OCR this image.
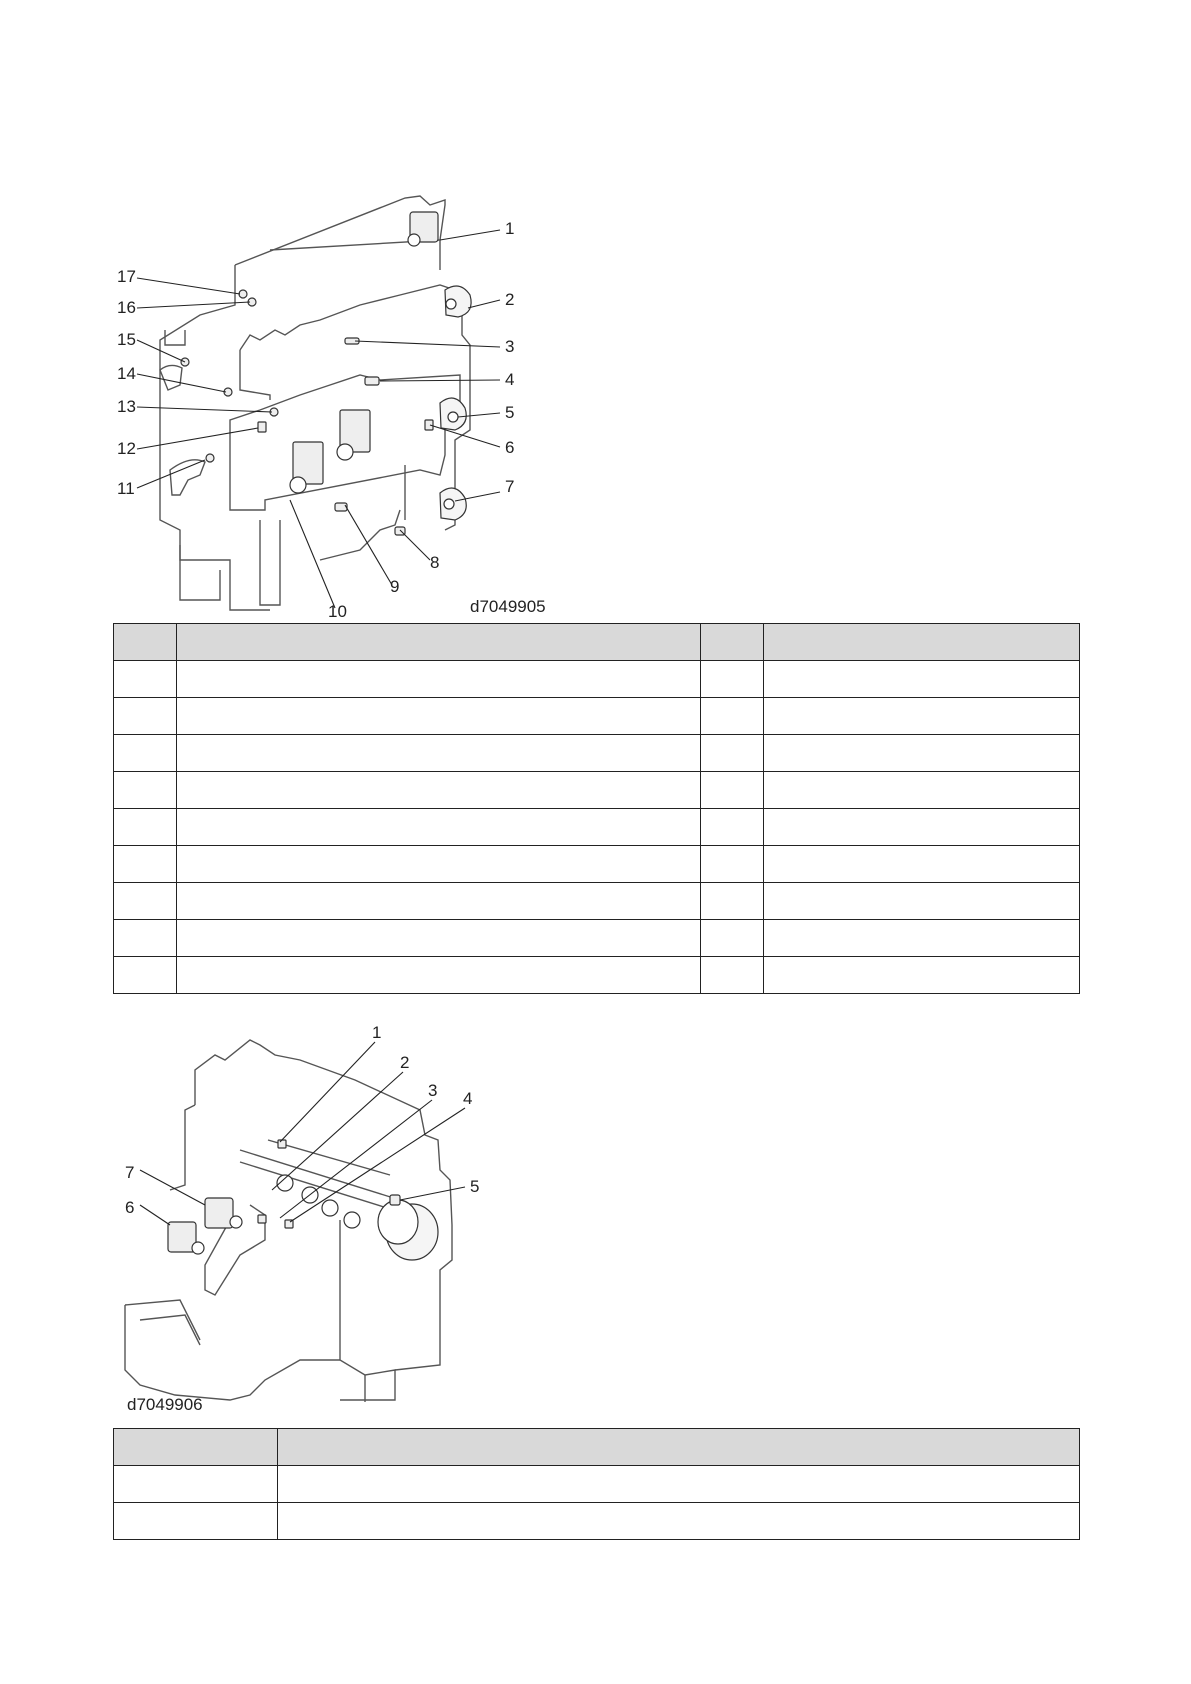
1
2
3
4
5
6
7
8
9
10
11
12
13
14
15
16
17
d7049905

1
2
3 4
5
6
7
d7049906
